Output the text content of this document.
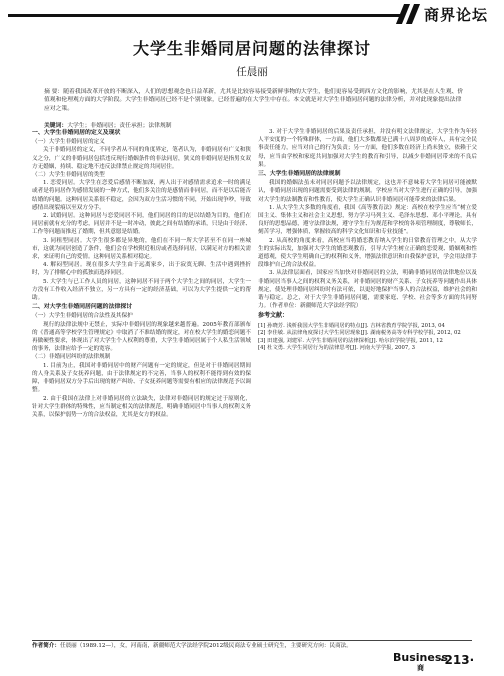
商界论坛
大学生非婚同居问题的法律探讨
任晨丽
摘 要：随着我国改革开放的不断深入，人们的思想观念也日益革新，尤其是比较容易接受新鲜事物的大学生，他们更容易受到西方文化的影响，尤其是在人生观、价值观和伦理观方面的大学阶段。大学生非婚同居已经不是个别现象，已经普遍的在大学生中存在。本文就是对大学生非婚同居问题的法律分析，并对此现象提出法律应对之策。
关键词：大学生；非婚同居；责任承担；法律规制
一、大学生非婚同居的定义及现状
（一）大学生非婚同居的定义
关于非婚同居的定义，不同学者从不同的角度界定，笔者认为，非婚同居有广义和狭义之分，广义的非婚同居包括违反现行婚姻条件的非法同居，狭义的非婚同居是指男女双方无婚姻，持续、稳定地不违反法律禁止规定的共同居住。
（二）大学生非婚同居的类型
1. 恋爱同居。大学生在恋爱后感情不断加深，两人出于对感情需求追求一时的满足或者是将同居作为感情发展的一种方式，他们多关注的是感情而非同居，而不是以后能否结婚的问题。这种同居关系很不稳定，会因为双方生活习惯的不同，开始出现争吵，导致感情出现裂痕以至双方分手。
2. 试婚同居。这种同居与恋爱同居不同，他们同居的目的是以结婚为目的，他们在同居前就有充分的考虑，同居并不是一时冲动，彼此之间有结婚的承诺，只是由于经济、工作等问题而推迟了婚期，但其意愿是结婚。
3. 同租型同居。大学生很多都是异地的，他们在不同一所大学甚至不在同一座城市，这就为同居创造了条件，他们会在学校附近租房或者选择同居，以满足对方的相关需求，来证明自己的爱情。这种同居关系相对稳定。
4. 解闷型同居。现在很多大学生由于远离家乡，出于寂寞无聊、生活中遇到挫折时，为了排解心中的孤独而选择同居。
5. 大学生与已工作人员的同居，这种同居不同于两个大学生之间的同居，大学生一方没有工作收入经济不独立，另一方具有一定的经济基础，可以为大学生提供一定的帮助。
二、对大学生非婚同居问题的法律探讨
（一）大学生非婚同居的合法性及其保护
现行的法律法规中无禁止，实际中非婚同居的现象越来越普遍。2005年教育部颁布的《普通高等学校学生管理规定》中取消了不准结婚的规定，对在校大学生的婚恋问题不再做硬性要求，体现出了对大学生个人权利的尊重，大学生非婚同居属于个人私生活领域的事务，法律应给予一定的宽容。
（二）非婚同居纠纷的法律规制
1. 目前为止，我国对非婚同居中的财产问题有一定的规定，但是对于非婚同居期间的人身关系及子女抚养问题，由于法律规定的不完善，当事人的权利不能得到有效的保障，非婚同居双方分手后出现的财产纠纷、子女抚养问题等需要有相应的法律规范予以调整。
2. 由于我国在法律上对非婚同居的立法缺失，法律对非婚同居的规定过于原则化，针对大学生群体的特殊性，应当制定相关的法律规范，明确非婚同居中当事人的权利义务关系，以保护弱势一方的合法权益，尤其是女方的权益。
3. 对于大学生非婚同居的后果及责任承担，并没有明文法律规定，大学生作为年轻人平安度的一个特殊群体，一方面，他们大多数都是已满十八周岁的成年人，具有完全民事责任能力，应当对自己的行为负责；另一方面，他们多数在经济上尚未独立，依赖于父母，应当由学校和家庭共同加强对大学生的教育和引导，以减少非婚同居带来的不良后果。
三、大学生非婚同居的法律规制
我国的婚姻法虽未对同居问题予以法律规定，这也并不意味着大学生同居可能被默认，非婚同居出现的问题需要受到法律的规制。学校应当对大学生进行正确的引导，加强对大学生的法制教育和性教育，使大学生正确认识非婚同居可能带来的法律后果。
1. 从大学生大多数的角度看，我国《高等教育法》规定：高校在校学生应当“树立爱国主义、集体主义和社会主义思想，努力学习马列主义、毛泽东思想、邓小平理论，具有良好的思想品德，遵守法律法规，遵守学生行为规范和学校的各项管理制度，尊敬师长，刻苦学习，增强体质，掌握较高的科学文化知识和专业技能”。
2. 从高校的角度来看，高校应当将婚恋教育纳入学生的日常教育管理之中，从大学生的实际出发，加强对大学生的婚恋观教育，引导大学生树立正确的恋爱观、婚姻观和性道德观，使大学生明确自己的权利和义务，增强法律意识和自我保护意识，学会用法律手段维护自己的合法权益。
3. 从法律层面看，国家应当加快对非婚同居的立法，明确非婚同居的法律地位以及非婚同居当事人之间的权利义务关系，对非婚同居的财产关系、子女抚养等问题作出具体规定，使处理非婚同居纠纷时有法可依，以更好地保护当事人的合法权益，维护社会的和谐与稳定。总之，对于大学生非婚同居问题，需要家庭、学校、社会等多方面的共同努力。（作者单位：新疆师范大学法经学院）
参考文献：
[1] 孙晓芳. 浅析我国大学生非婚同居的特点[J]. 吉林省教育学院学报, 2013, 04
[2] 李佳敏. 从法律角度探讨大学生同居现象[J]. 湖南税务高等专科学校学报, 2012, 02
[3] 田建强, 刘建军. 大学生非婚同居的法律探析[J]. 哈尔滨学院学报, 2011, 12
[4] 杜文勇. 大学生同居行为的法律思考[J]. 河南大学学报, 2007, 3
作者简介：任晨丽（1989.12—），女，河南南，新疆师范大学法经学院2012级民商法专业硕士研究生，主要研究方向：民商法。
Business
商
·213·
